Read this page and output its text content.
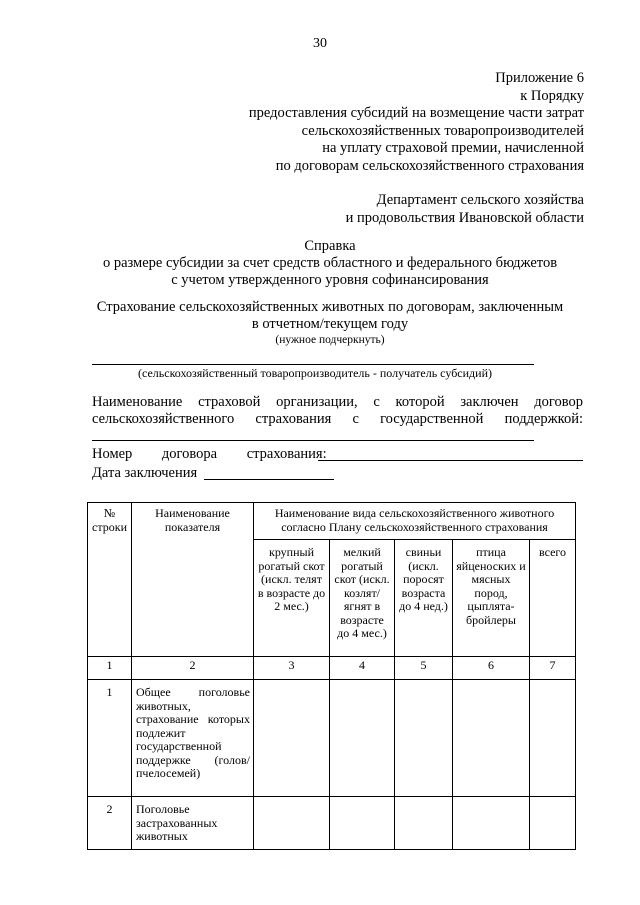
30
Приложение 6
к Порядку
предоставления субсидий на возмещение части затрат
сельскохозяйственных товаропроизводителей
на уплату страховой премии, начисленной
по договорам сельскохозяйственного страхования
Департамент сельского хозяйства
и продовольствия Ивановской области
Справка
о размере субсидии за счет средств областного и федерального бюджетов
с учетом утвержденного уровня софинансирования
Страхование сельскохозяйственных животных по договорам, заключенным
в отчетном/текущем году
(нужное подчеркнуть)
(сельскохозяйственный товаропроизводитель - получатель субсидий)
Наименование страховой организации, с которой заключен договор сельскохозяйственного страхования с государственной поддержкой:
Номер договора страхования:
Дата заключения
№ строки	Наименование показателя	Наименование вида сельскохозяйственного животного согласно Плану сельскохозяйственного страхования				
		крупный рогатый скот (искл. телят в возрасте до 2 мес.)	мелкий рогатый скот (искл. козлят/ ягнят в возрасте до 4 мес.)	свиньи (искл. поросят возраста до 4 нед.)	птица яйценоских и мясных пород, цыплята-бройлеры	всего
1	2	3	4	5	6	7
1	Общее поголовье животных, страхование которых подлежит государственной поддержке (голов/пчелосемей)					
2	Поголовье застрахованных животных					
